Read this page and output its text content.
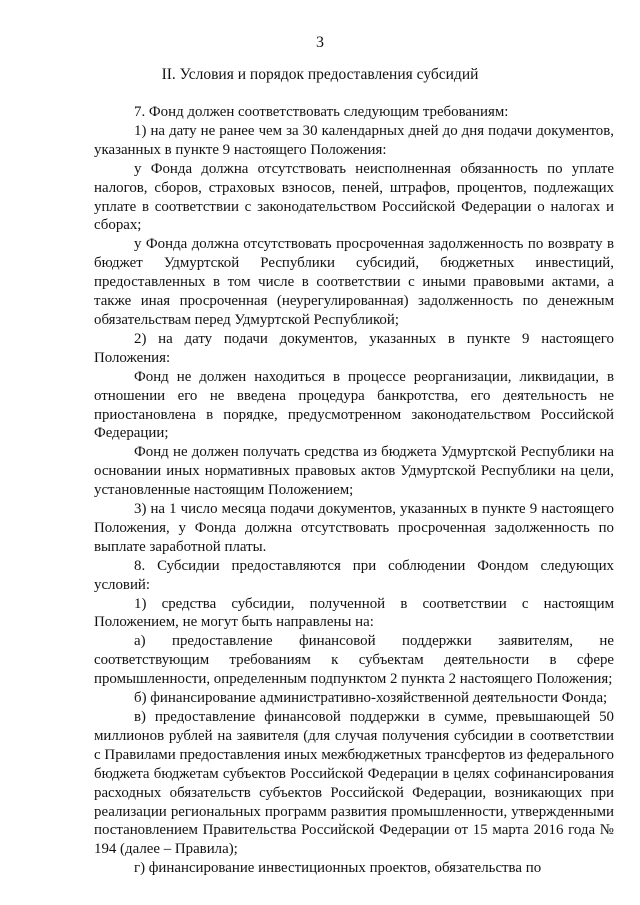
3
II. Условия и порядок предоставления субсидий

7. Фонд должен соответствовать следующим требованиям:

1) на дату не ранее чем за 30 календарных дней до дня подачи документов, указанных в пункте 9 настоящего Положения:

у Фонда должна отсутствовать неисполненная обязанность по уплате налогов, сборов, страховых взносов, пеней, штрафов, процентов, подлежащих уплате в соответствии с законодательством Российской Федерации о налогах и сборах;

у Фонда должна отсутствовать просроченная задолженность по возврату в бюджет Удмуртской Республики субсидий, бюджетных инвестиций, предоставленных в том числе в соответствии с иными правовыми актами, а также иная просроченная (неурегулированная) задолженность по денежным обязательствам перед Удмуртской Республикой;

2) на дату подачи документов, указанных в пункте 9 настоящего Положения:

Фонд не должен находиться в процессе реорганизации, ликвидации, в отношении его не введена процедура банкротства, его деятельность не приостановлена в порядке, предусмотренном законодательством Российской Федерации;

Фонд не должен получать средства из бюджета Удмуртской Республики на основании иных нормативных правовых актов Удмуртской Республики на цели, установленные настоящим Положением;

3) на 1 число месяца подачи документов, указанных в пункте 9 настоящего Положения, у Фонда должна отсутствовать просроченная задолженность по выплате заработной платы.

8. Субсидии предоставляются при соблюдении Фондом следующих условий:

1) средства субсидии, полученной в соответствии с настоящим Положением, не могут быть направлены на:

а) предоставление финансовой поддержки заявителям, не соответствующим требованиям к субъектам деятельности в сфере промышленности, определенным подпунктом 2 пункта 2 настоящего Положения;

б) финансирование административно-хозяйственной деятельности Фонда;

в) предоставление финансовой поддержки в сумме, превышающей 50 миллионов рублей на заявителя (для случая получения субсидии в соответствии с Правилами предоставления иных межбюджетных трансфертов из федерального бюджета бюджетам субъектов Российской Федерации в целях софинансирования расходных обязательств субъектов Российской Федерации, возникающих при реализации региональных программ развития промышленности, утвержденными постановлением Правительства Российской Федерации от 15 марта 2016 года № 194 (далее – Правила);

г) финансирование инвестиционных проектов, обязательства по
